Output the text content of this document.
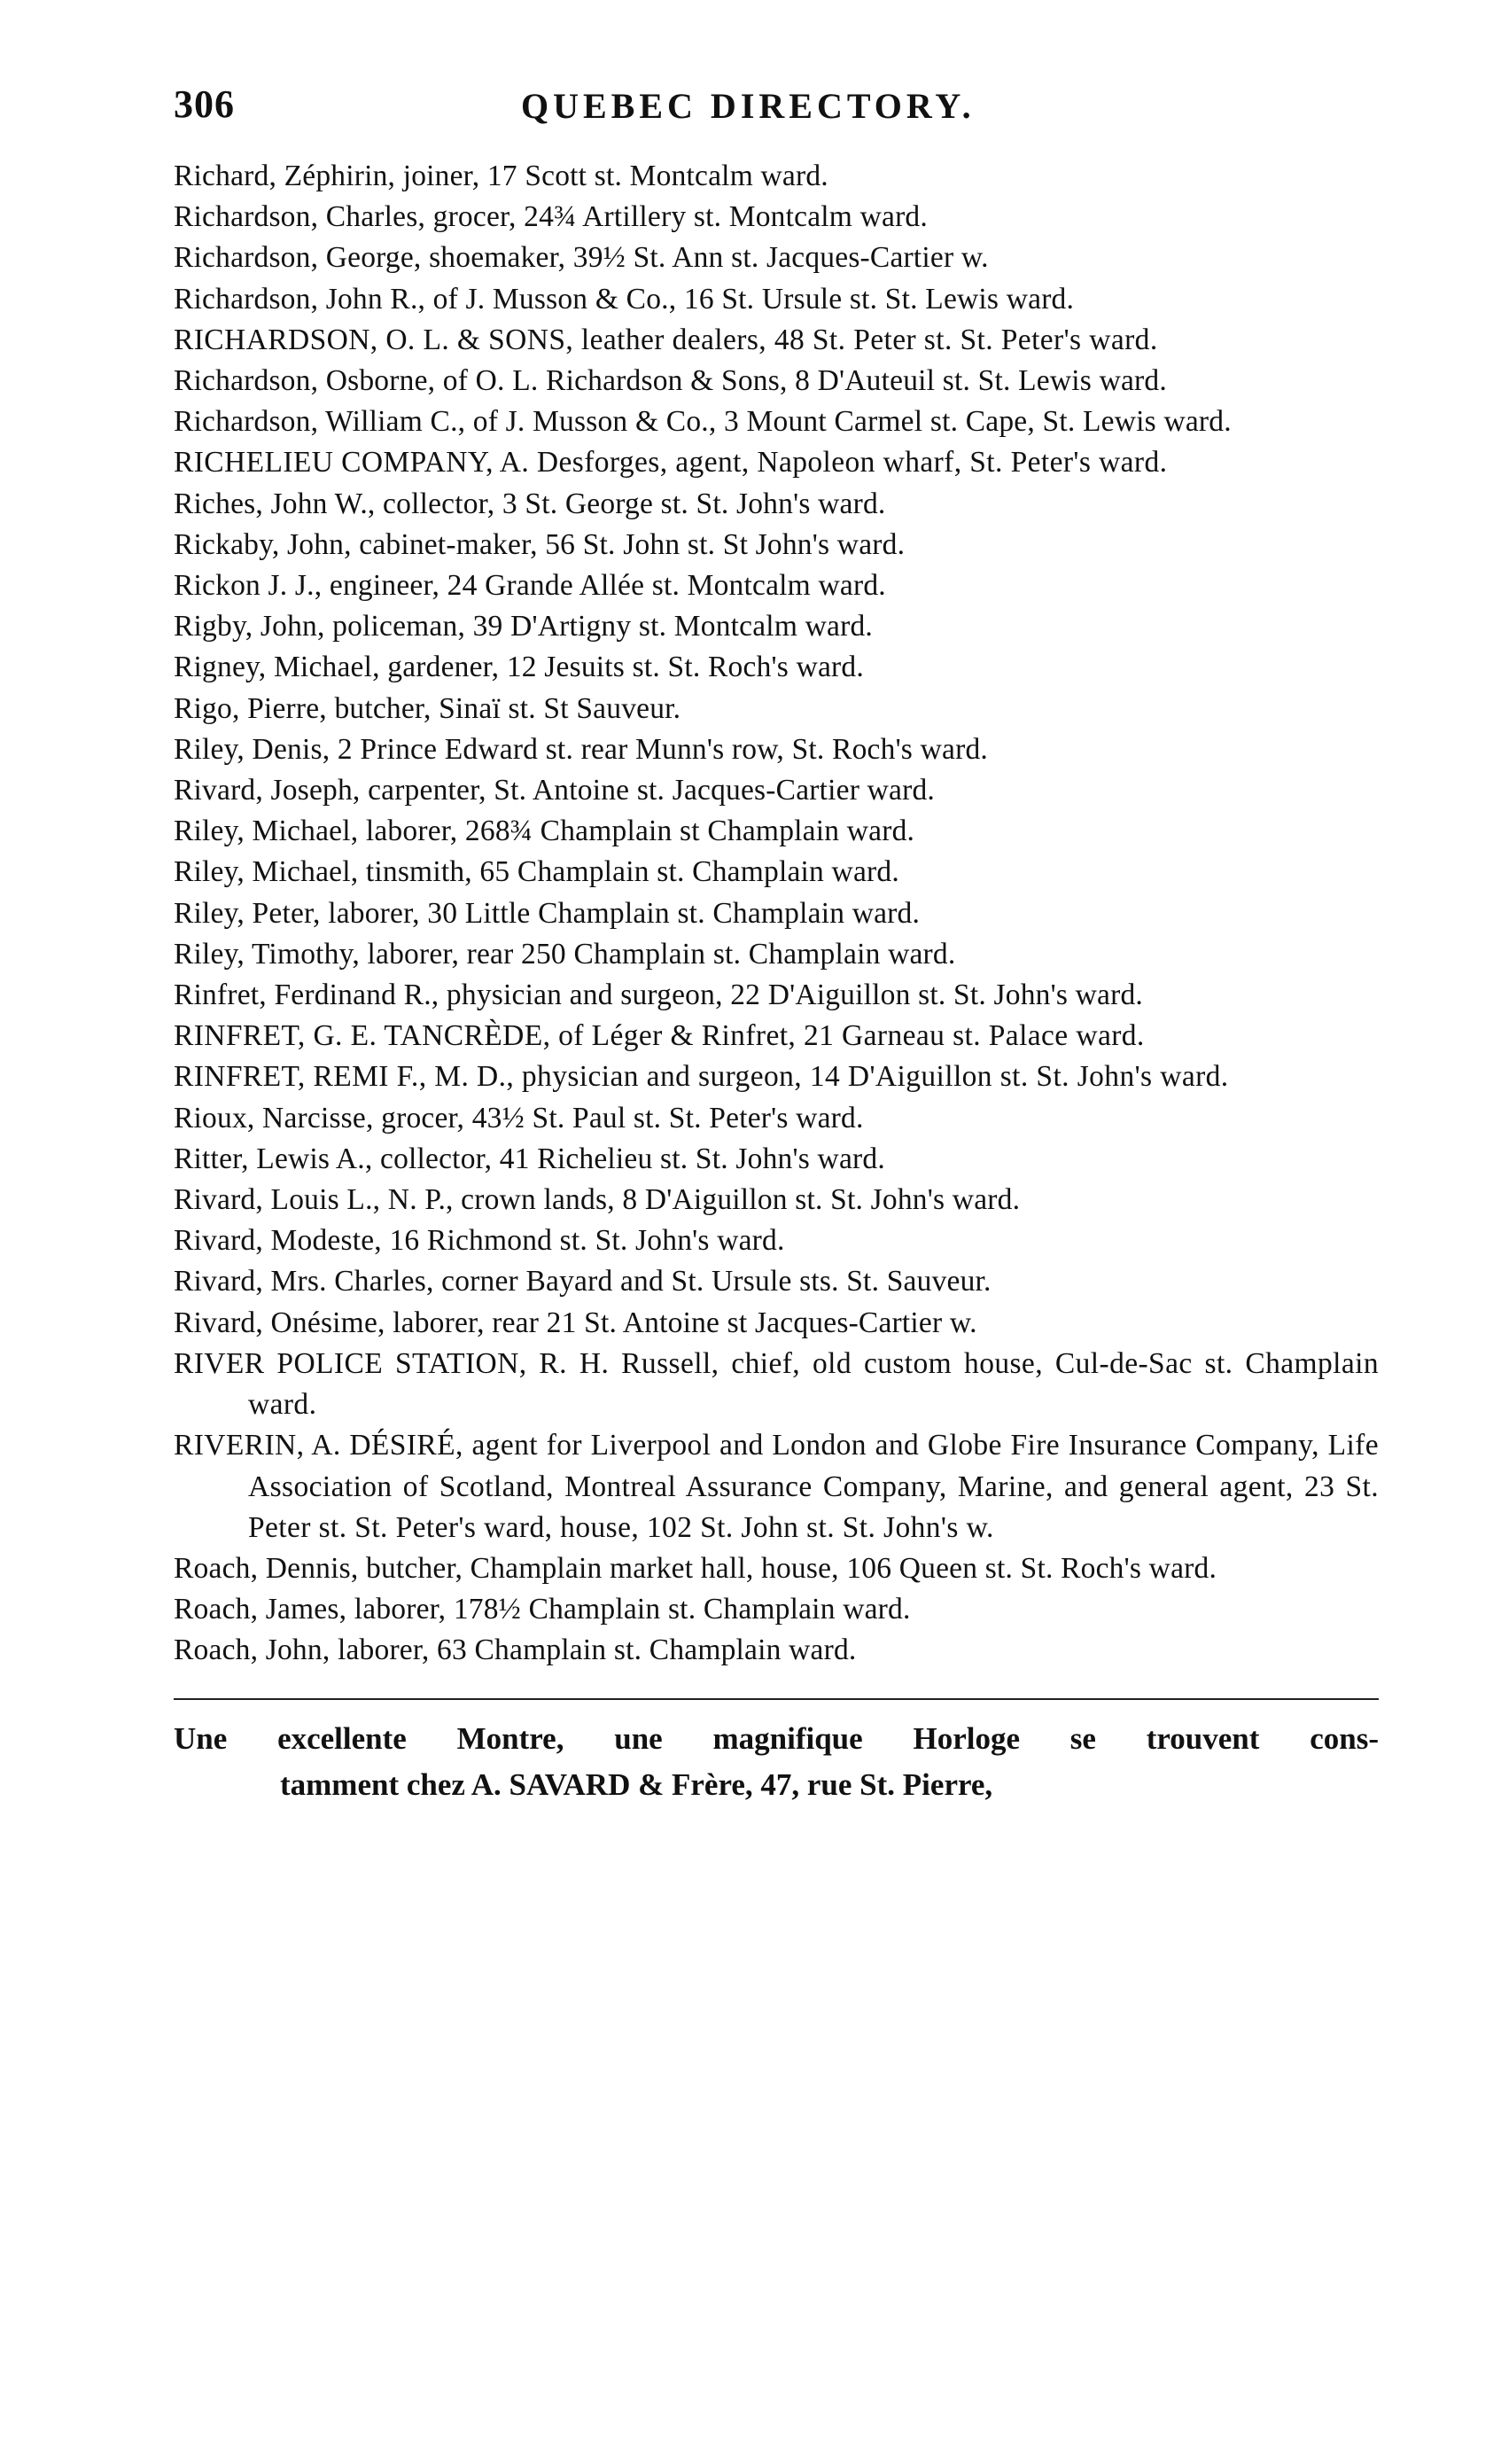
306	QUEBEC DIRECTORY.
Richard, Zéphirin, joiner, 17 Scott st. Montcalm ward.
Richardson, Charles, grocer, 24¾ Artillery st. Montcalm ward.
Richardson, George, shoemaker, 39½ St. Ann st. Jacques-Cartier w.
Richardson, John R., of J. Musson & Co., 16 St. Ursule st. St. Lewis ward.
RICHARDSON, O. L. & SONS, leather dealers, 48 St. Peter st. St. Peter's ward.
Richardson, Osborne, of O. L. Richardson & Sons, 8 D'Auteuil st. St. Lewis ward.
Richardson, William C., of J. Musson & Co., 3 Mount Carmel st. Cape, St. Lewis ward.
RICHELIEU COMPANY, A. Desforges, agent, Napoleon wharf, St. Peter's ward.
Riches, John W., collector, 3 St. George st. St. John's ward.
Rickaby, John, cabinet-maker, 56 St. John st. St John's ward.
Rickon J. J., engineer, 24 Grande Allée st. Montcalm ward.
Rigby, John, policeman, 39 D'Artigny st. Montcalm ward.
Rigney, Michael, gardener, 12 Jesuits st. St. Roch's ward.
Rigo, Pierre, butcher, Sinaï st. St Sauveur.
Riley, Denis, 2 Prince Edward st. rear Munn's row, St. Roch's ward.
Rivard, Joseph, carpenter, St. Antoine st. Jacques-Cartier ward.
Riley, Michael, laborer, 268¾ Champlain st Champlain ward.
Riley, Michael, tinsmith, 65 Champlain st. Champlain ward.
Riley, Peter, laborer, 30 Little Champlain st. Champlain ward.
Riley, Timothy, laborer, rear 250 Champlain st. Champlain ward.
Rinfret, Ferdinand R., physician and surgeon, 22 D'Aiguillon st. St. John's ward.
RINFRET, G. E. TANCRÈDE, of Léger & Rinfret, 21 Garneau st. Palace ward.
RINFRET, REMI F., M. D., physician and surgeon, 14 D'Aiguillon st. St. John's ward.
Rioux, Narcisse, grocer, 43½ St. Paul st. St. Peter's ward.
Ritter, Lewis A., collector, 41 Richelieu st. St. John's ward.
Rivard, Louis L., N. P., crown lands, 8 D'Aiguillon st. St. John's ward.
Rivard, Modeste, 16 Richmond st. St. John's ward.
Rivard, Mrs. Charles, corner Bayard and St. Ursule sts. St. Sauveur.
Rivard, Onésime, laborer, rear 21 St. Antoine st Jacques-Cartier w.
RIVER POLICE STATION, R. H. Russell, chief, old custom house, Cul-de-Sac st. Champlain ward.
RIVERIN, A. DÉSIRÉ, agent for Liverpool and London and Globe Fire Insurance Company, Life Association of Scotland, Montreal Assurance Company, Marine, and general agent, 23 St. Peter st. St. Peter's ward, house, 102 St. John st. St. John's w.
Roach, Dennis, butcher, Champlain market hall, house, 106 Queen st. St. Roch's ward.
Roach, James, laborer, 178½ Champlain st. Champlain ward.
Roach, John, laborer, 63 Champlain st. Champlain ward.
Une excellente Montre, une magnifique Horloge se trouvent cons-
tamment chez A. SAVARD & Frère, 47, rue St. Pierre,
